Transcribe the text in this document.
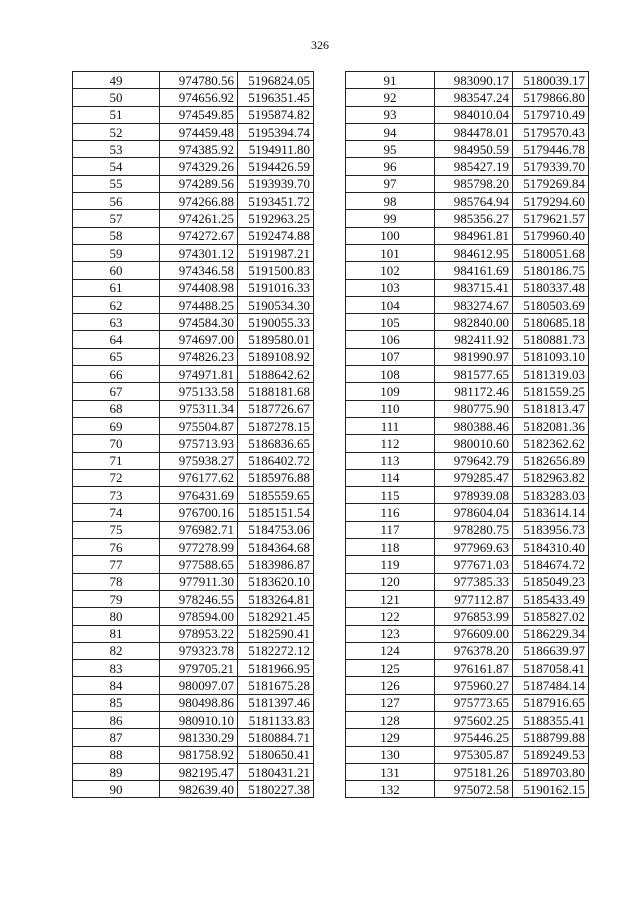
326
49	974780.56	5196824.05
50	974656.92	5196351.45
51	974549.85	5195874.82
52	974459.48	5195394.74
53	974385.92	5194911.80
54	974329.26	5194426.59
55	974289.56	5193939.70
56	974266.88	5193451.72
57	974261.25	5192963.25
58	974272.67	5192474.88
59	974301.12	5191987.21
60	974346.58	5191500.83
61	974408.98	5191016.33
62	974488.25	5190534.30
63	974584.30	5190055.33
64	974697.00	5189580.01
65	974826.23	5189108.92
66	974971.81	5188642.62
67	975133.58	5188181.68
68	975311.34	5187726.67
69	975504.87	5187278.15
70	975713.93	5186836.65
71	975938.27	5186402.72
72	976177.62	5185976.88
73	976431.69	5185559.65
74	976700.16	5185151.54
75	976982.71	5184753.06
76	977278.99	5184364.68
77	977588.65	5183986.87
78	977911.30	5183620.10
79	978246.55	5183264.81
80	978594.00	5182921.45
81	978953.22	5182590.41
82	979323.78	5182272.12
83	979705.21	5181966.95
84	980097.07	5181675.28
85	980498.86	5181397.46
86	980910.10	5181133.83
87	981330.29	5180884.71
88	981758.92	5180650.41
89	982195.47	5180431.21
90	982639.40	5180227.38
91	983090.17	5180039.17
92	983547.24	5179866.80
93	984010.04	5179710.49
94	984478.01	5179570.43
95	984950.59	5179446.78
96	985427.19	5179339.70
97	985798.20	5179269.84
98	985764.94	5179294.60
99	985356.27	5179621.57
100	984961.81	5179960.40
101	984612.95	5180051.68
102	984161.69	5180186.75
103	983715.41	5180337.48
104	983274.67	5180503.69
105	982840.00	5180685.18
106	982411.92	5180881.73
107	981990.97	5181093.10
108	981577.65	5181319.03
109	981172.46	5181559.25
110	980775.90	5181813.47
111	980388.46	5182081.36
112	980010.60	5182362.62
113	979642.79	5182656.89
114	979285.47	5182963.82
115	978939.08	5183283.03
116	978604.04	5183614.14
117	978280.75	5183956.73
118	977969.63	5184310.40
119	977671.03	5184674.72
120	977385.33	5185049.23
121	977112.87	5185433.49
122	976853.99	5185827.02
123	976609.00	5186229.34
124	976378.20	5186639.97
125	976161.87	5187058.41
126	975960.27	5187484.14
127	975773.65	5187916.65
128	975602.25	5188355.41
129	975446.25	5188799.88
130	975305.87	5189249.53
131	975181.26	5189703.80
132	975072.58	5190162.15
